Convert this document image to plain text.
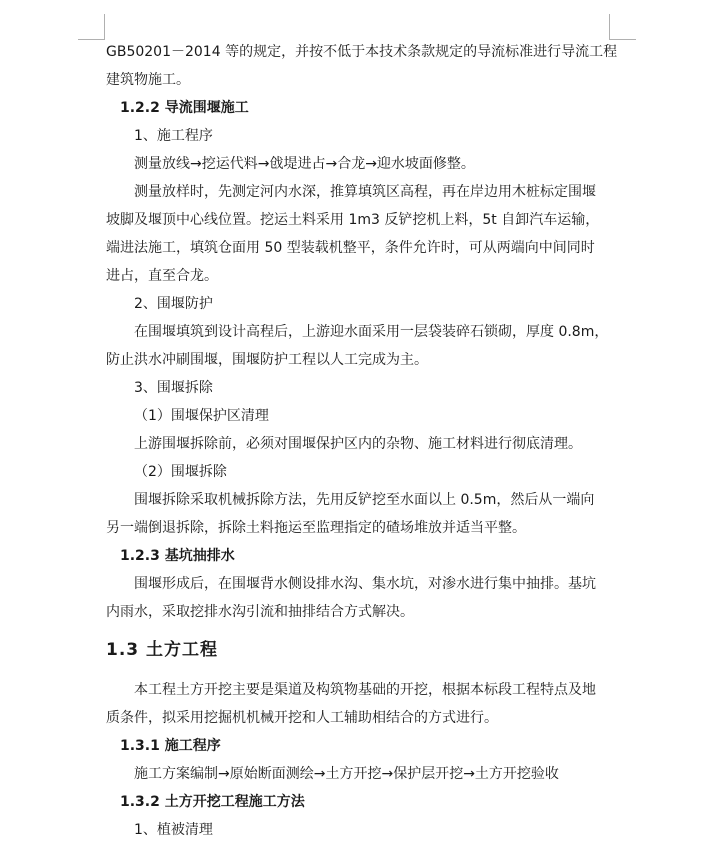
GB50201－2014 等的规定，并按不低于本技术条款规定的导流标准进行导流工程

建筑物施工。

1.2.2 导流围堰施工

1、施工程序

测量放线→挖运代料→戗堤进占→合龙→迎水坡面修整。

测量放样时，先测定河内水深，推算填筑区高程，再在岸边用木桩标定围堰

坡脚及堰顶中心线位置。挖运土料采用 1m3 反铲挖机上料，5t 自卸汽车运输，

端进法施工，填筑仓面用 50 型装载机整平，条件允许时，可从两端向中间同时

进占，直至合龙。

2、围堰防护

在围堰填筑到设计高程后，上游迎水面采用一层袋装碎石锁砌，厚度 0.8m，

防止洪水冲刷围堰，围堰防护工程以人工完成为主。

3、围堰拆除

（1）围堰保护区清理

上游围堰拆除前，必须对围堰保护区内的杂物、施工材料进行彻底清理。

（2）围堰拆除

围堰拆除采取机械拆除方法，先用反铲挖至水面以上 0.5m，然后从一端向

另一端倒退拆除，拆除土料拖运至监理指定的碴场堆放并适当平整。

1.2.3 基坑抽排水

围堰形成后，在围堰背水侧设排水沟、集水坑，对渗水进行集中抽排。基坑

内雨水，采取挖排水沟引流和抽排结合方式解决。

1.3 土方工程

本工程土方开挖主要是渠道及构筑物基础的开挖，根据本标段工程特点及地

质条件，拟采用挖掘机机械开挖和人工辅助相结合的方式进行。

1.3.1 施工程序

施工方案编制→原始断面测绘→土方开挖→保护层开挖→土方开挖验收

1.3.2 土方开挖工程施工方法

1、植被清理
